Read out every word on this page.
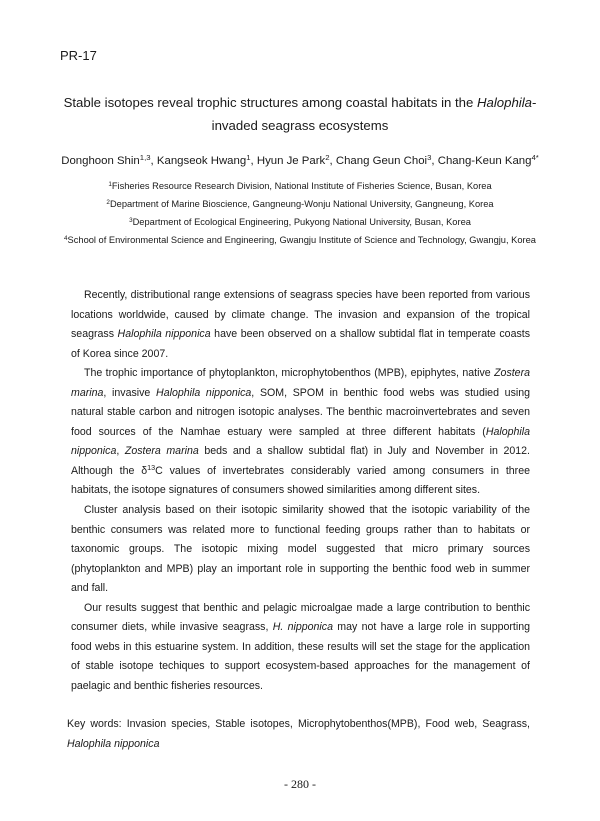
PR-17
Stable isotopes reveal trophic structures among coastal habitats in the Halophila-invaded seagrass ecosystems
Donghoon Shin$^{1,3}$, Kangseok Hwang$^1$, Hyun Je Park$^2$, Chang Geun Choi$^3$, Chang-Keun Kang$^{4*}$
$^1$Fisheries Resource Research Division, National Institute of Fisheries Science, Busan, Korea
$^2$Department of Marine Bioscience, Gangneung-Wonju National University, Gangneung, Korea
$^3$Department of Ecological Engineering, Pukyong National University, Busan, Korea
$^4$School of Environmental Science and Engineering, Gwangju Institute of Science and Technology, Gwangju, Korea

Recently, distributional range extensions of seagrass species have been reported from various locations worldwide, caused by climate change. The invasion and expansion of the tropical seagrass Halophila nipponica have been observed on a shallow subtidal flat in temperate coasts of Korea since 2007.

The trophic importance of phytoplankton, microphytobenthos (MPB), epiphytes, native Zostera marina, invasive Halophila nipponica, SOM, SPOM in benthic food webs was studied using natural stable carbon and nitrogen isotopic analyses. The benthic macroinvertebrates and seven food sources of the Namhae estuary were sampled at three different habitats (Halophila nipponica, Zostera marina beds and a shallow subtidal flat) in July and November in 2012. Although the $\delta^{13}C$ values of invertebrates considerably varied among consumers in three habitats, the isotope signatures of consumers showed similarities among different sites.

Cluster analysis based on their isotopic similarity showed that the isotopic variability of the benthic consumers was related more to functional feeding groups rather than to habitats or taxonomic groups. The isotopic mixing model suggested that micro primary sources (phytoplankton and MPB) play an important role in supporting the benthic food web in summer and fall.

Our results suggest that benthic and pelagic microalgae made a large contribution to benthic consumer diets, while invasive seagrass, H. nipponica may not have a large role in supporting food webs in this estuarine system. In addition, these results will set the stage for the application of stable isotope techiques to support ecosystem-based approaches for the management of paelagic and benthic fisheries resources.

Key words: Invasion species, Stable isotopes, Microphytobenthos(MPB), Food web, Seagrass, Halophila nipponica
- 280 -
